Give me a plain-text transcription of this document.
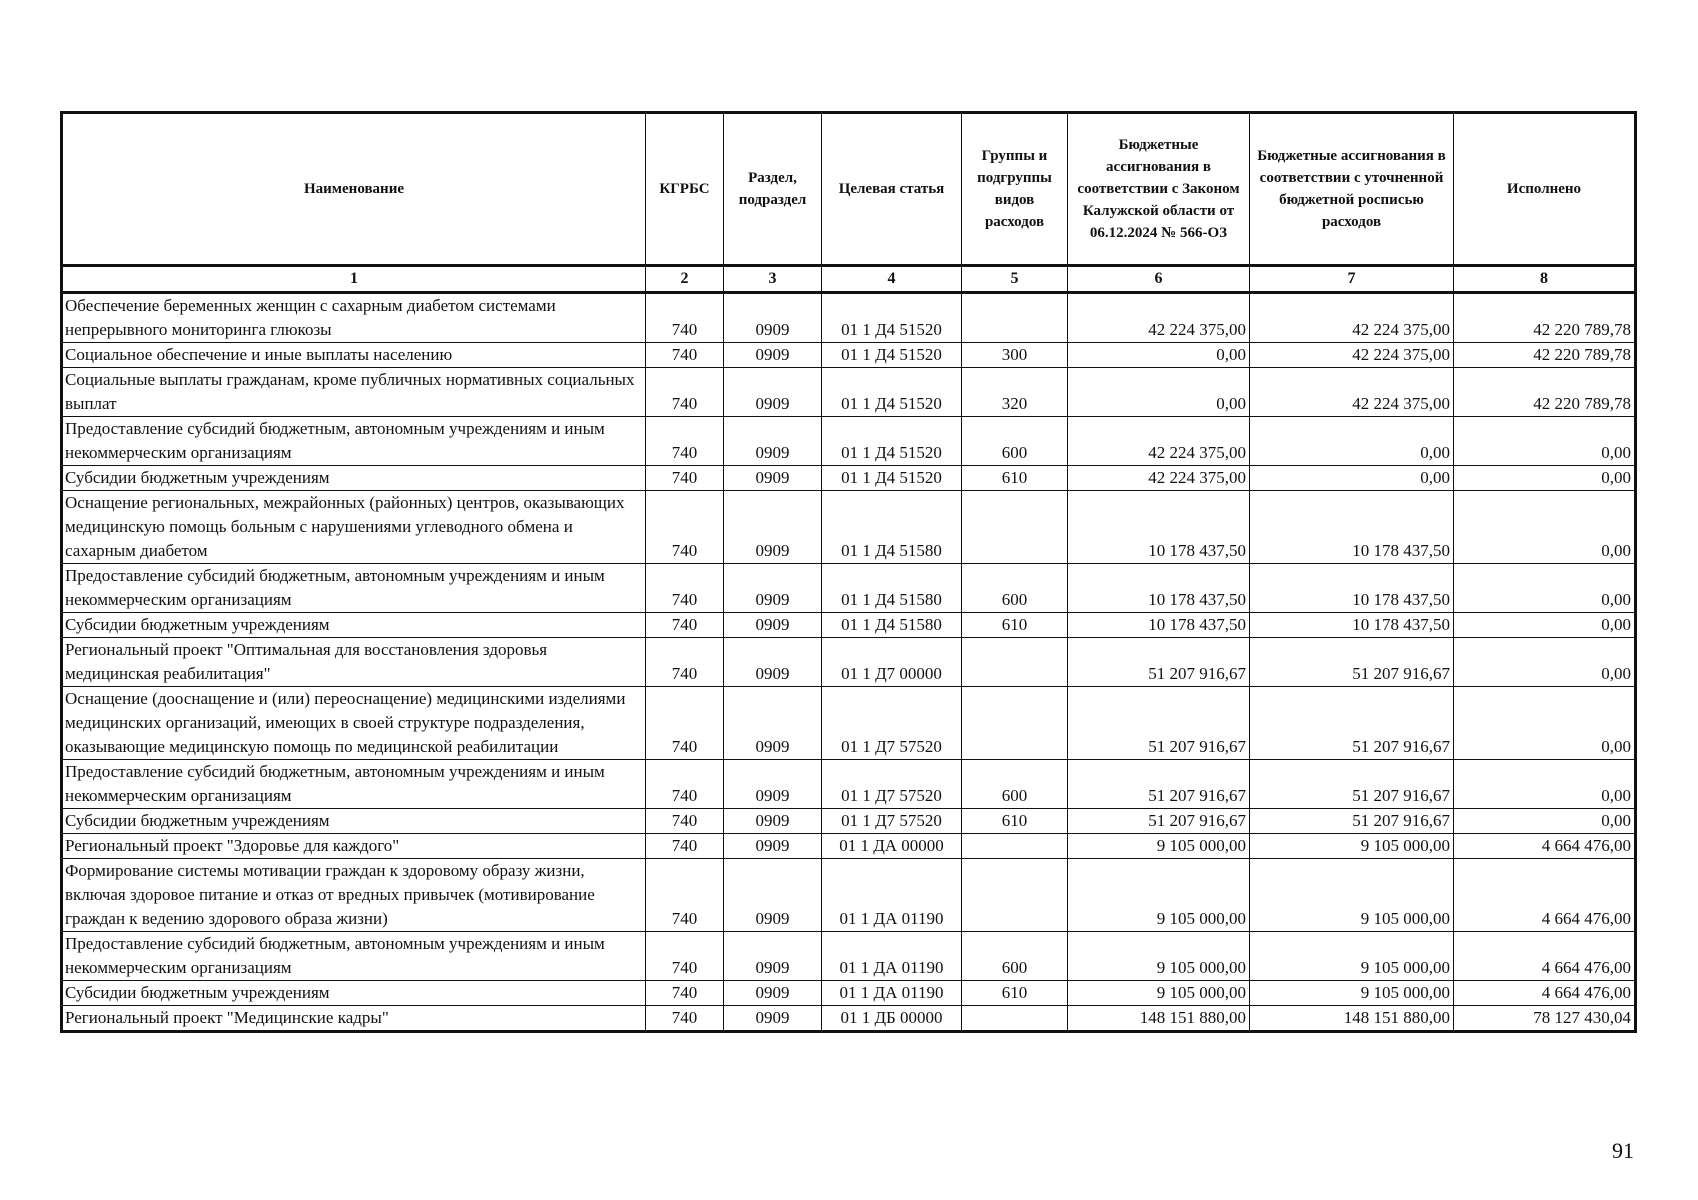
Наименование	КГРБС	Раздел, подраздел	Целевая статья	Группы и подгруппы видов расходов	Бюджетные ассигнования в соответствии с Законом Калужской области от 06.12.2024 № 566-ОЗ	Бюджетные ассигнования в соответствии с уточненной бюджетной росписью расходов	Исполнено
1	2	3	4	5	6	7	8
Обеспечение беременных женщин с сахарным диабетом системами непрерывного мониторинга глюкозы	740	0909	01 1 Д4 51520		42 224 375,00	42 224 375,00	42 220 789,78
Социальное обеспечение и иные выплаты населению	740	0909	01 1 Д4 51520	300	0,00	42 224 375,00	42 220 789,78
Социальные выплаты гражданам, кроме публичных нормативных социальных выплат	740	0909	01 1 Д4 51520	320	0,00	42 224 375,00	42 220 789,78
Предоставление субсидий бюджетным, автономным учреждениям и иным некоммерческим организациям	740	0909	01 1 Д4 51520	600	42 224 375,00	0,00	0,00
Субсидии бюджетным учреждениям	740	0909	01 1 Д4 51520	610	42 224 375,00	0,00	0,00
Оснащение региональных, межрайонных (районных) центров, оказывающих медицинскую помощь больным с нарушениями углеводного обмена и сахарным диабетом	740	0909	01 1 Д4 51580		10 178 437,50	10 178 437,50	0,00
Предоставление субсидий бюджетным, автономным учреждениям и иным некоммерческим организациям	740	0909	01 1 Д4 51580	600	10 178 437,50	10 178 437,50	0,00
Субсидии бюджетным учреждениям	740	0909	01 1 Д4 51580	610	10 178 437,50	10 178 437,50	0,00
Региональный проект "Оптимальная для восстановления здоровья медицинская реабилитация"	740	0909	01 1 Д7 00000		51 207 916,67	51 207 916,67	0,00
Оснащение (дооснащение и (или) переоснащение) медицинскими изделиями медицинских организаций, имеющих в своей структуре подразделения, оказывающие медицинскую помощь по медицинской реабилитации	740	0909	01 1 Д7 57520		51 207 916,67	51 207 916,67	0,00
Предоставление субсидий бюджетным, автономным учреждениям и иным некоммерческим организациям	740	0909	01 1 Д7 57520	600	51 207 916,67	51 207 916,67	0,00
Субсидии бюджетным учреждениям	740	0909	01 1 Д7 57520	610	51 207 916,67	51 207 916,67	0,00
Региональный проект "Здоровье для каждого"	740	0909	01 1 ДА 00000		9 105 000,00	9 105 000,00	4 664 476,00
Формирование системы мотивации граждан к здоровому образу жизни, включая здоровое питание и отказ от вредных привычек (мотивирование граждан к ведению здорового образа жизни)	740	0909	01 1 ДА 01190		9 105 000,00	9 105 000,00	4 664 476,00
Предоставление субсидий бюджетным, автономным учреждениям и иным некоммерческим организациям	740	0909	01 1 ДА 01190	600	9 105 000,00	9 105 000,00	4 664 476,00
Субсидии бюджетным учреждениям	740	0909	01 1 ДА 01190	610	9 105 000,00	9 105 000,00	4 664 476,00
Региональный проект "Медицинские кадры"	740	0909	01 1 ДБ 00000		148 151 880,00	148 151 880,00	78 127 430,04
91
